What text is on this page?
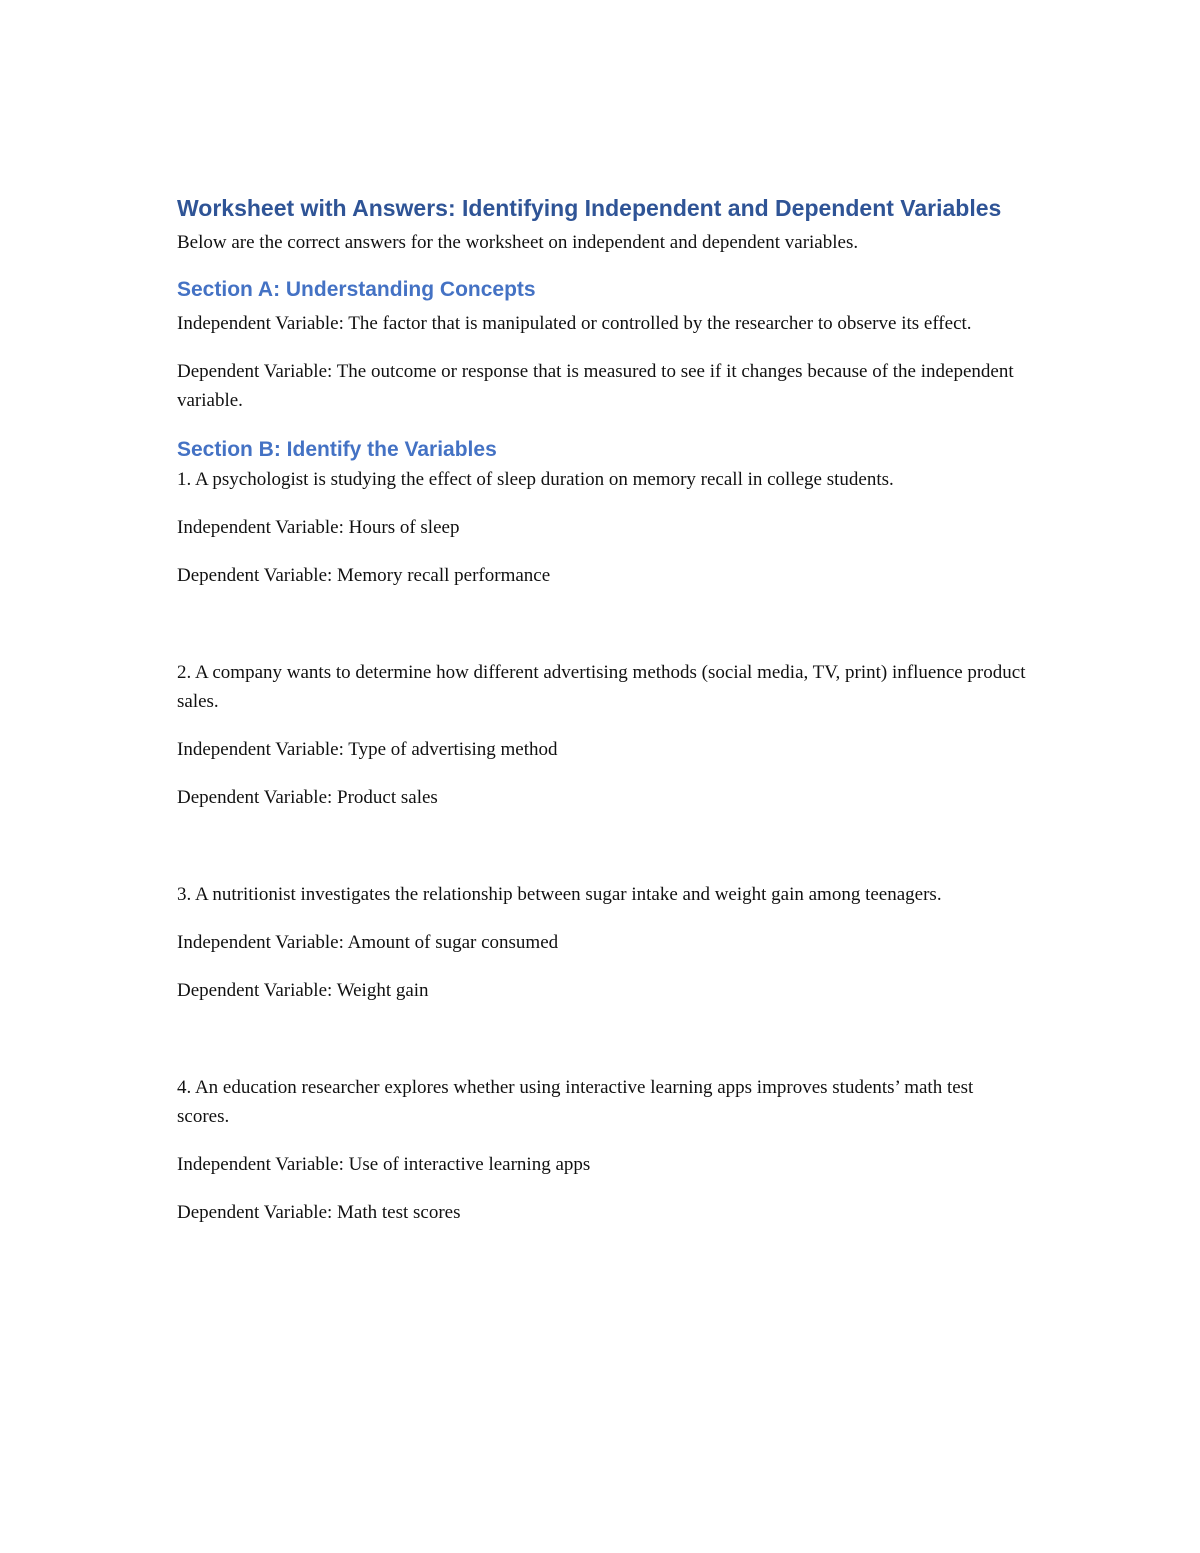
Worksheet with Answers: Identifying Independent and Dependent Variables

Below are the correct answers for the worksheet on independent and dependent variables.

Section A: Understanding Concepts

Independent Variable: The factor that is manipulated or controlled by the researcher to observe its effect.

Dependent Variable: The outcome or response that is measured to see if it changes because of the independent variable.

Section B: Identify the Variables

1. A psychologist is studying the effect of sleep duration on memory recall in college students.

Independent Variable: Hours of sleep

Dependent Variable: Memory recall performance

2. A company wants to determine how different advertising methods (social media, TV, print) influence product sales.

Independent Variable: Type of advertising method

Dependent Variable: Product sales

3. A nutritionist investigates the relationship between sugar intake and weight gain among teenagers.

Independent Variable: Amount of sugar consumed

Dependent Variable: Weight gain

4. An education researcher explores whether using interactive learning apps improves students’ math test scores.

Independent Variable: Use of interactive learning apps

Dependent Variable: Math test scores
